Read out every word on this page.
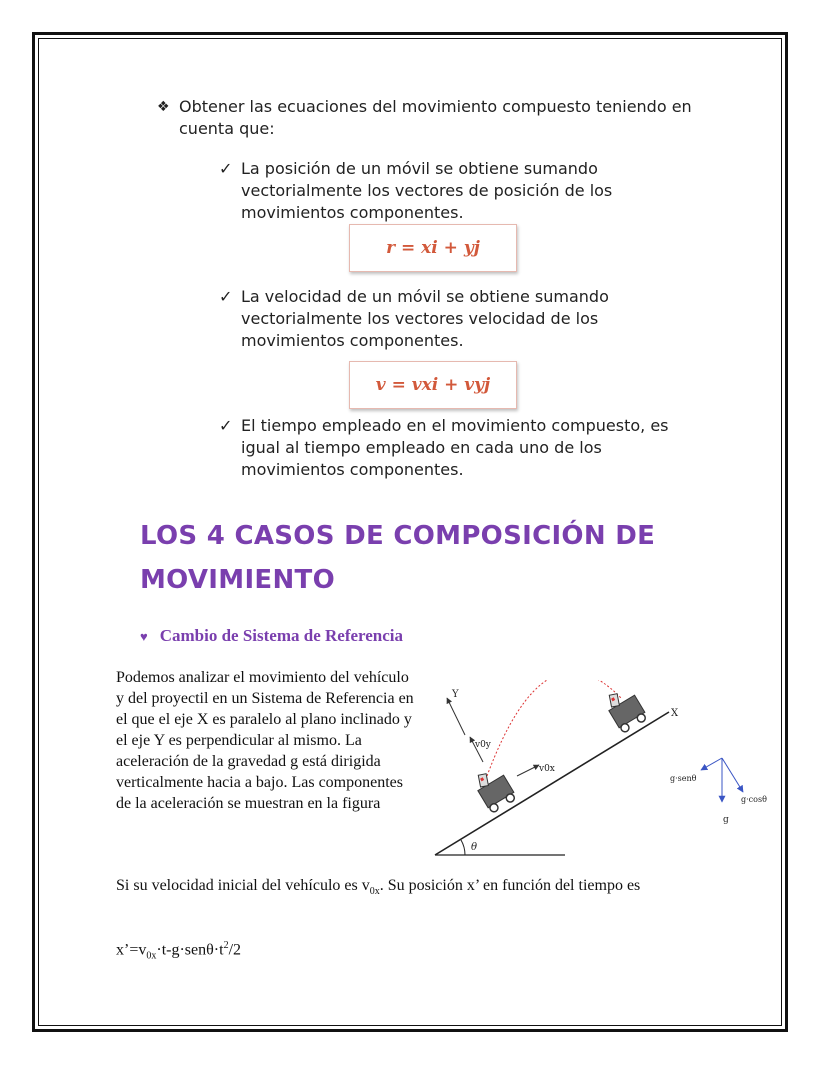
❖ Obtener las ecuaciones del movimiento compuesto teniendo en cuenta que:
✓ La posición de un móvil se obtiene sumando vectorialmente los vectores de posición de los movimientos componentes.
r = xi + yj
✓ La velocidad de un móvil se obtiene sumando vectorialmente los vectores velocidad de los movimientos componentes.
v = vxi + vyj
✓ El tiempo empleado en el movimiento compuesto, es igual al tiempo empleado en cada uno de los movimientos componentes.
LOS 4 CASOS DE COMPOSICIÓN DE MOVIMIENTO
♥ Cambio de Sistema de Referencia
Podemos analizar el movimiento del vehículo y del proyectil en un Sistema de Referencia en el que el eje X es paralelo al plano inclinado y el eje Y es perpendicular al mismo. La aceleración de la gravedad g está dirigida verticalmente hacia a bajo. Las componentes de la aceleración se muestran en la figura
θ
Y
X
v0y
v0x
g·senθ
g·cosθ
g
Si su velocidad inicial del vehículo es $v_{0x}$. Su posición x’ en función del tiempo es
$x’=v_{0x}\cdot t-g\cdot sen\theta\cdot t^2/2$
